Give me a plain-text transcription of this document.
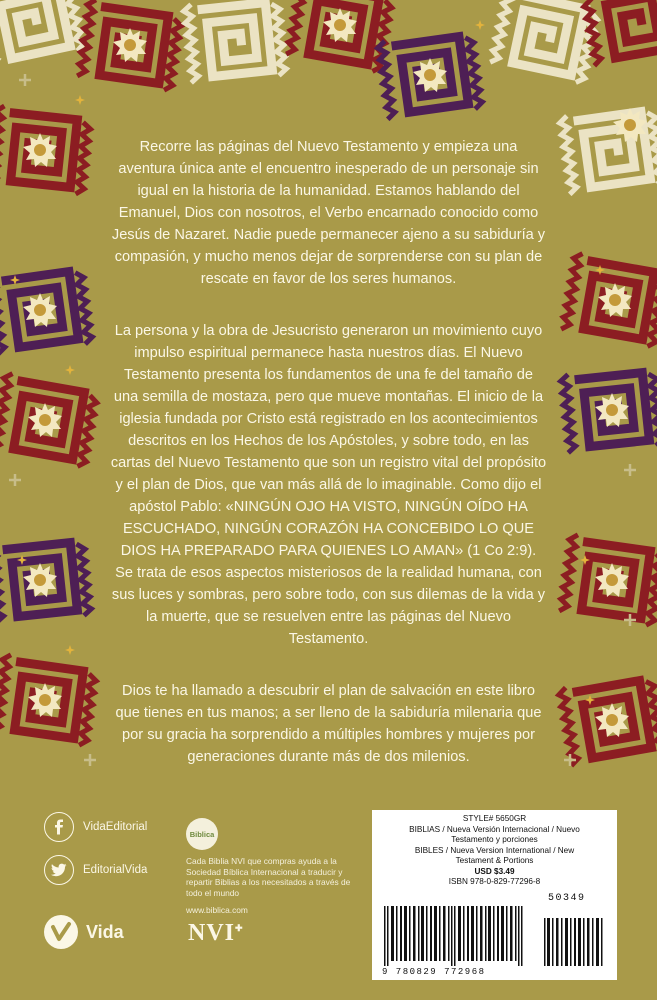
Recorre las páginas del Nuevo Testamento y empieza una aventura única ante el encuentro inesperado de un personaje sin igual en la historia de la humanidad. Estamos hablando del Emanuel, Dios con nosotros, el Verbo encarnado conocido como Jesús de Nazaret. Nadie puede permanecer ajeno a su sabiduría y compasión, y mucho menos dejar de sorprenderse con su plan de rescate en favor de los seres humanos.

La persona y la obra de Jesucristo generaron un movimiento cuyo impulso espiritual permanece hasta nuestros días. El Nuevo Testamento presenta los fundamentos de una fe del tamaño de una semilla de mostaza, pero que mueve montañas. El inicio de la iglesia fundada por Cristo está registrado en los acontecimientos descritos en los Hechos de los Apóstoles, y sobre todo, en las cartas del Nuevo Testamento que son un registro vital del propósito y el plan de Dios, que van más allá de lo imaginable. Como dijo el apóstol Pablo: «NINGÚN OJO HA VISTO, NINGÚN OÍDO HA ESCUCHADO, NINGÚN CORAZÓN HA CONCEBIDO LO QUE DIOS HA PREPARADO PARA QUIENES LO AMAN» (1 Co 2:9). Se trata de esos aspectos misteriosos de la realidad humana, con sus luces y sombras, pero sobre todo, con sus dilemas de la vida y la muerte, que se resuelven entre las páginas del Nuevo Testamento.

Dios te ha llamado a descubrir el plan de salvación en este libro que tienes en tus manos; a ser lleno de la sabiduría milenaria que por su gracia ha sorprendido a múltiples hombres y mujeres por generaciones durante más de dos milenios.

VidaEditorial
EditorialVida
Vida
Biblica
Cada Biblia NVI que compras ayuda a la Sociedad Bíblica Internacional a traducir y repartir Biblias a los necesitados a través de todo el mundo
www.biblica.com
NVI✚
STYLE# 5650GR
BIBLIAS / Nueva Versión Internacional / Nuevo Testamento y porciones
BIBLES / Nueva Version International / New Testament & Portions
USD $3.49
ISBN 978-0-829-77296-8
50349
9 780829 772968
